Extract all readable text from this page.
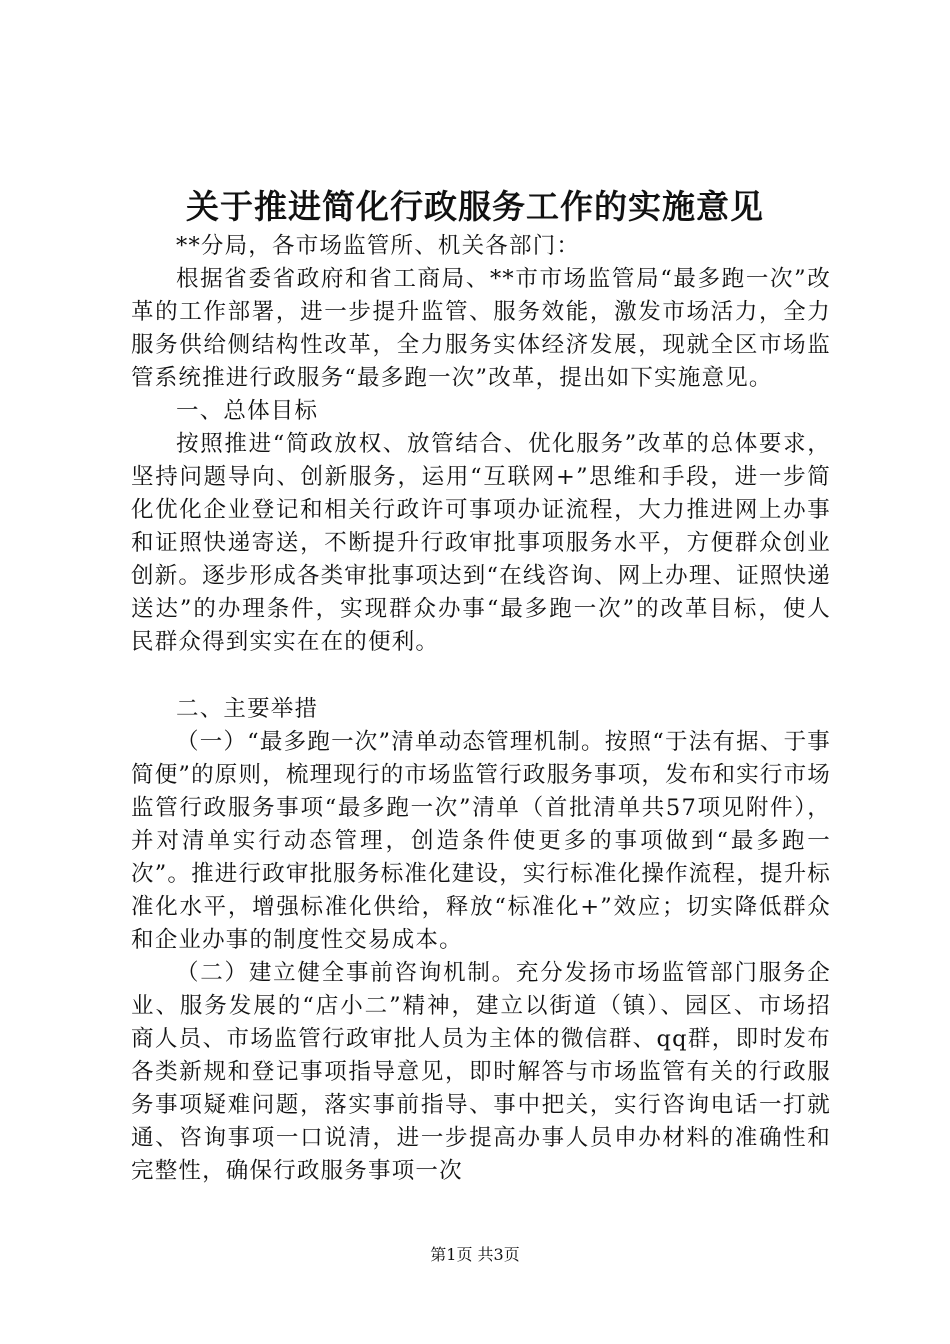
关于推进简化行政服务工作的实施意见

**分局，各市场监管所、机关各部门：

根据省委省政府和省工商局、**市市场监管局“最多跑一次”改革的工作部署，进一步提升监管、服务效能，激发市场活力，全力服务供给侧结构性改革，全力服务实体经济发展，现就全区市场监管系统推进行政服务“最多跑一次”改革，提出如下实施意见。

一、总体目标

按照推进“简政放权、放管结合、优化服务”改革的总体要求，坚持问题导向、创新服务，运用“互联网+”思维和手段，进一步简化优化企业登记和相关行政许可事项办证流程，大力推进网上办事和证照快递寄送，不断提升行政审批事项服务水平，方便群众创业创新。逐步形成各类审批事项达到“在线咨询、网上办理、证照快递送达”的办理条件，实现群众办事“最多跑一次”的改革目标，使人民群众得到实实在在的便利。

二、主要举措

（一）“最多跑一次”清单动态管理机制。按照“于法有据、于事简便”的原则，梳理现行的市场监管行政服务事项，发布和实行市场监管行政服务事项“最多跑一次”清单（首批清单共57项见附件），并对清单实行动态管理，创造条件使更多的事项做到“最多跑一次”。推进行政审批服务标准化建设，实行标准化操作流程，提升标准化水平，增强标准化供给，释放“标准化+”效应；切实降低群众和企业办事的制度性交易成本。

（二）建立健全事前咨询机制。充分发扬市场监管部门服务企业、服务发展的“店小二”精神，建立以街道（镇）、园区、市场招商人员、市场监管行政审批人员为主体的微信群、qq群，即时发布各类新规和登记事项指导意见，即时解答与市场监管有关的行政服务事项疑难问题，落实事前指导、事中把关，实行咨询电话一打就通、咨询事项一口说清，进一步提高办事人员申办材料的准确性和完整性，确保行政服务事项一次

第1页 共3页
